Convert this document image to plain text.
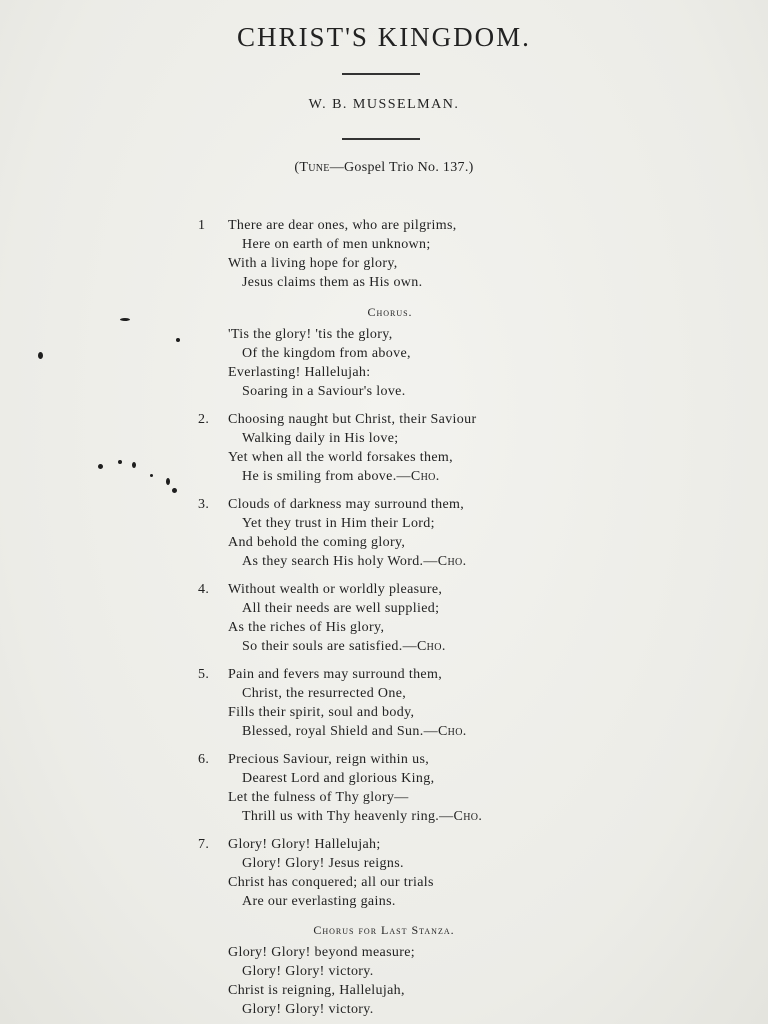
CHRIST'S KINGDOM.
W. B. MUSSELMAN.
(Tune—Gospel Trio No. 137.)
1 There are dear ones, who are pilgrims,
Here on earth of men unknown;
With a living hope for glory,
Jesus claims them as His own.
Chorus.
'Tis the glory! 'tis the glory,
Of the kingdom from above,
Everlasting! Hallelujah:
Soaring in a Saviour's love.
2. Choosing naught but Christ, their Saviour
Walking daily in His love;
Yet when all the world forsakes them,
He is smiling from above.—Cho.
3. Clouds of darkness may surround them,
Yet they trust in Him their Lord;
And behold the coming glory,
As they search His holy Word.—Cho.
4. Without wealth or worldly pleasure,
All their needs are well supplied;
As the riches of His glory,
So their souls are satisfied.—Cho.
5. Pain and fevers may surround them,
Christ, the resurrected One,
Fills their spirit, soul and body,
Blessed, royal Shield and Sun.—Cho.
6. Precious Saviour, reign within us,
Dearest Lord and glorious King,
Let the fulness of Thy glory—
Thrill us with Thy heavenly ring.—Cho.
7. Glory! Glory! Hallelujah;
Glory! Glory! Jesus reigns.
Christ has conquered; all our trials
Are our everlasting gains.
Chorus for Last Stanza.
Glory! Glory! beyond measure;
Glory! Glory! victory.
Christ is reigning, Hallelujah,
Glory! Glory! victory.
